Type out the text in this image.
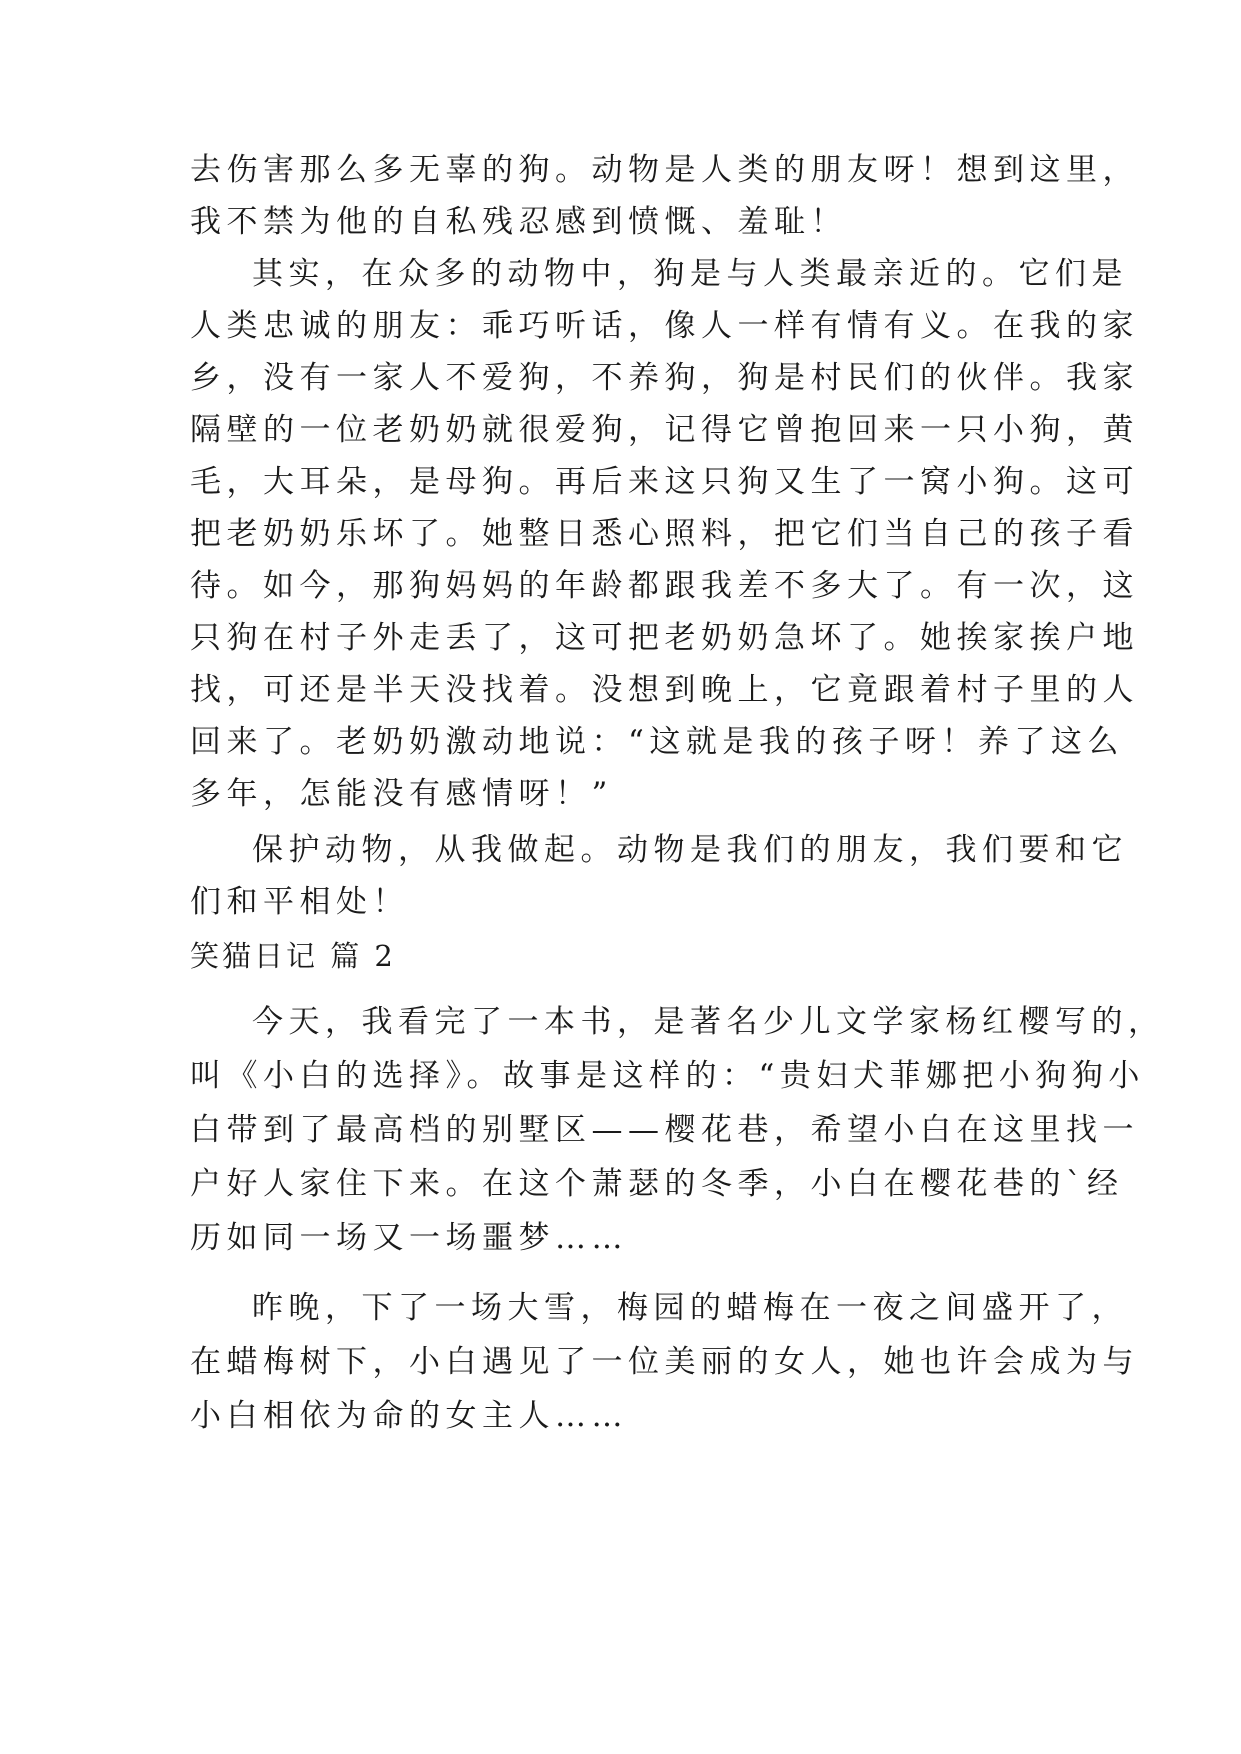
去伤害那么多无辜的狗。动物是人类的朋友呀！想到这里，

我不禁为他的自私残忍感到愤慨、羞耻！

其实，在众多的动物中，狗是与人类最亲近的。它们是

人类忠诚的朋友：乖巧听话，像人一样有情有义。在我的家

乡，没有一家人不爱狗，不养狗，狗是村民们的伙伴。我家

隔壁的一位老奶奶就很爱狗，记得它曾抱回来一只小狗，黄

毛，大耳朵，是母狗。再后来这只狗又生了一窝小狗。这可

把老奶奶乐坏了。她整日悉心照料，把它们当自己的孩子看

待。如今，那狗妈妈的年龄都跟我差不多大了。有一次，这

只狗在村子外走丢了，这可把老奶奶急坏了。她挨家挨户地

找，可还是半天没找着。没想到晚上，它竟跟着村子里的人

回来了。老奶奶激动地说：“这就是我的孩子呀！养了这么

多年，怎能没有感情呀！”

保护动物，从我做起。动物是我们的朋友，我们要和它

们和平相处！

笑猫日记 篇 2

今天，我看完了一本书，是著名少儿文学家杨红樱写的，

叫《小白的选择》。故事是这样的：“贵妇犬菲娜把小狗狗小

白带到了最高档的别墅区——樱花巷，希望小白在这里找一

户好人家住下来。在这个萧瑟的冬季，小白在樱花巷的`经

历如同一场又一场噩梦……

昨晚，下了一场大雪，梅园的蜡梅在一夜之间盛开了，

在蜡梅树下，小白遇见了一位美丽的女人，她也许会成为与

小白相依为命的女主人……
